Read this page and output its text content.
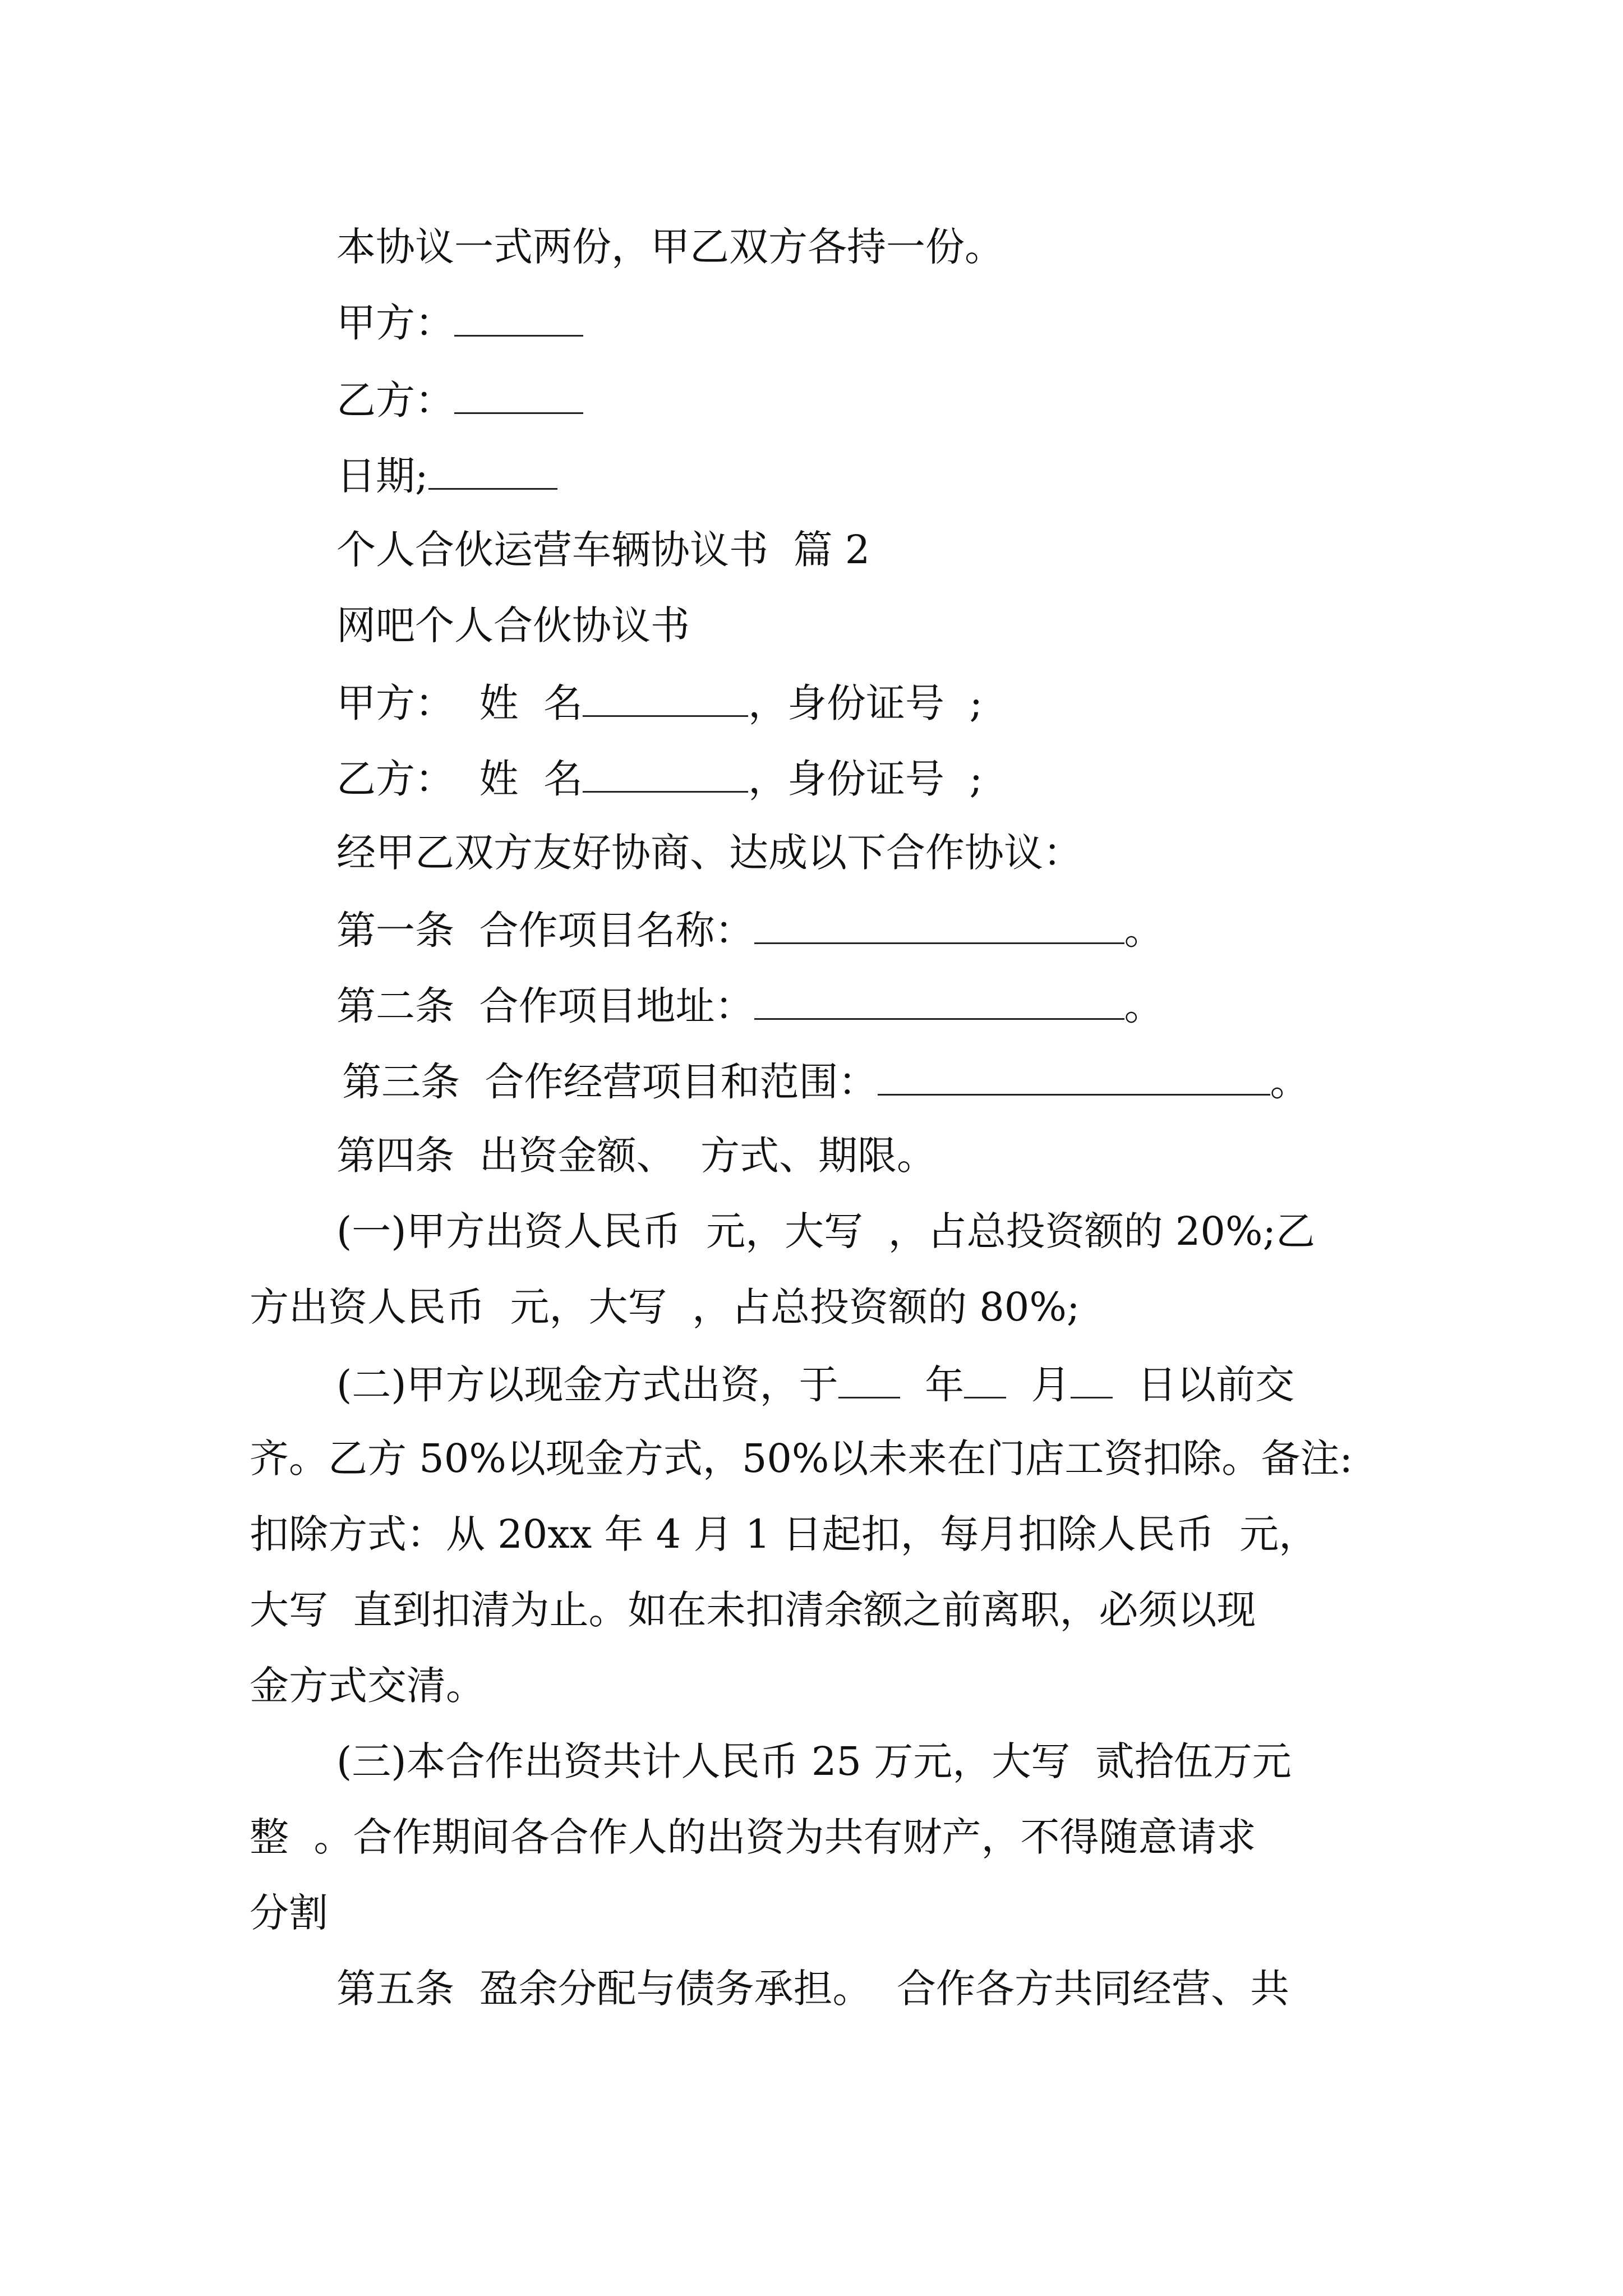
本协议一式两份，甲乙双方各持一份。
甲方：
乙方：
日期;
个人合伙运营车辆协议书  篇 2
网吧个人合伙协议书
甲方：  姓  名	，身份证号  ;
乙方：  姓  名	，身份证号  ;
经甲乙双方友好协商、达成以下合作协议：
第一条  合作项目名称：	。
第二条  合作项目地址：	。
第三条  合作经营项目和范围：	。
第四条  出资金额、  方式、期限。
(一)甲方出资人民币  元，大写  ，占总投资额的 20%;乙
方出资人民币  元，大写  ，占总投资额的 80%;
(二)甲方以现金方式出资，于 年 月 日以前交
齐。乙方 50%以现金方式，50%以未来在门店工资扣除。备注:
扣除方式：从 20xx 年 4 月 1 日起扣，每月扣除人民币  元，
大写  直到扣清为止。如在未扣清余额之前离职，必须以现
金方式交清。
(三)本合作出资共计人民币 25 万元，大写  贰拾伍万元
整  。合作期间各合作人的出资为共有财产，不得随意请求
分割
第五条  盈余分配与债务承担。  合作各方共同经营、共
